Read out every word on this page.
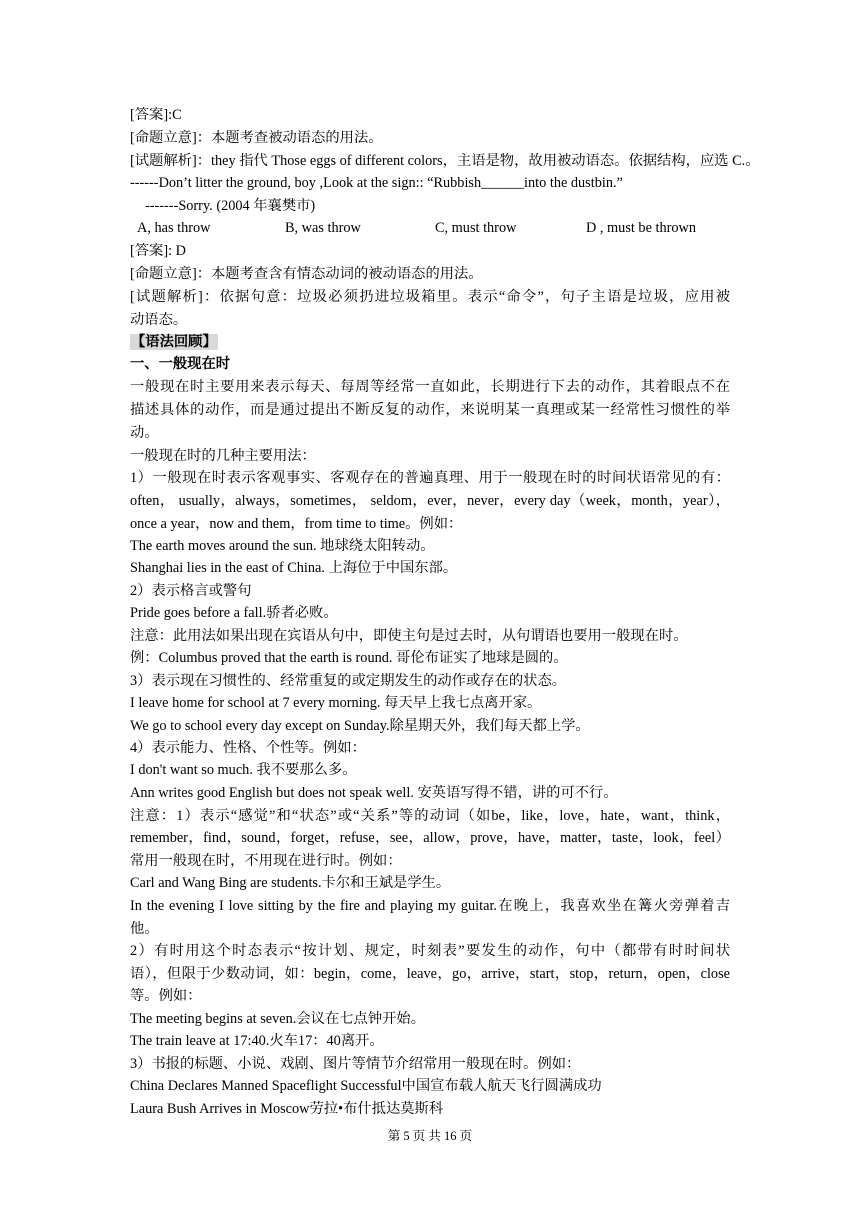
[答案]:C
[命题立意]：本题考查被动语态的用法。
[试题解析]：they 指代 Those eggs of different colors，主语是物，故用被动语态。依据结构，应选 C.。
------Don’t litter the ground, boy ,Look at the sign:: “Rubbish______into the dustbin.”
-------Sorry. (2004 年襄樊市)
A, has throw	B, was throw	C, must throw	D , must be thrown
[答案]: D
[命题立意]：本题考查含有情态动词的被动语态的用法。
[试题解析]：依据句意：垃圾必须扔进垃圾箱里。表示“命令”，句子主语是垃圾，应用被
动语态。
【语法回顾】
一、一般现在时
一般现在时主要用来表示每天、每周等经常一直如此，长期进行下去的动作，其着眼点不在
描述具体的动作，而是通过提出不断反复的动作，来说明某一真理或某一经常性习惯性的举
动。
一般现在时的几种主要用法：
1）一般现在时表示客观事实、客观存在的普遍真理、用于一般现在时的时间状语常见的有：
often， usually，always，sometimes， seldom，ever，never，every day（week，month，year），
once a year，now and them，from time to time。例如：
The earth moves around the sun. 地球绕太阳转动。
Shanghai lies in the east of China. 上海位于中国东部。
2）表示格言或警句
Pride goes before a fall.骄者必败。
注意：此用法如果出现在宾语从句中，即使主句是过去时，从句谓语也要用一般现在时。
例：Columbus proved that the earth is round. 哥伦布证实了地球是圆的。
3）表示现在习惯性的、经常重复的或定期发生的动作或存在的状态。
I leave home for school at 7 every morning. 每天早上我七点离开家。
We go to school every day except on Sunday.除星期天外，我们每天都上学。
4）表示能力、性格、个性等。例如：
I don't want so much. 我不要那么多。
Ann writes good English but does not speak well. 安英语写得不错，讲的可不行。
注意：1）表示“感觉”和“状态”或“关系”等的动词（如be，like，love，hate，want，think，
remember，find，sound，forget，refuse，see，allow，prove，have，matter，taste，look，feel）
常用一般现在时，不用现在进行时。例如：
Carl and Wang Bing are students.卡尔和王斌是学生。
In the evening I love sitting by the fire and playing my guitar.在晚上，我喜欢坐在篝火旁弹着吉
他。
2）有时用这个时态表示“按计划、规定，时刻表”要发生的动作，句中（都带有时时间状
语），但限于少数动词，如：begin，come，leave，go，arrive，start，stop，return，open，close
等。例如：
The meeting begins at seven.会议在七点钟开始。
The train leave at 17:40.火车17：40离开。
3）书报的标题、小说、戏剧、图片等情节介绍常用一般现在时。例如：
China Declares Manned Spaceflight Successful中国宣布载人航天飞行圆满成功
Laura Bush Arrives in Moscow劳拉•布什抵达莫斯科
第 5 页 共 16 页
